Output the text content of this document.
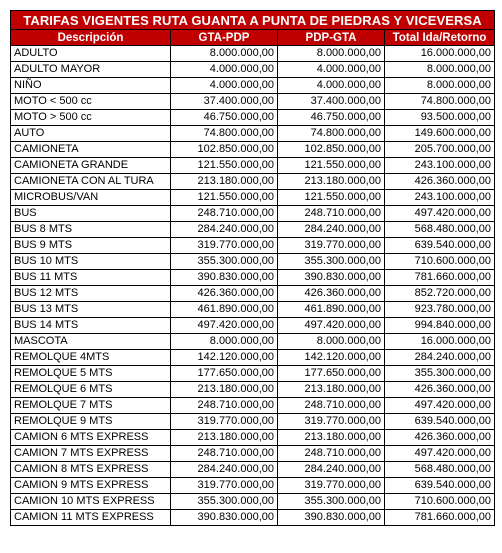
TARIFAS VIGENTES RUTA GUANTA A PUNTA DE PIEDRAS Y VICEVERSA			
Descripción	GTA-PDP	PDP-GTA	Total Ida/Retorno
ADULTO	8.000.000,00	8.000.000,00	16.000.000,00
ADULTO MAYOR	4.000.000,00	4.000.000,00	8.000.000,00
NIÑO	4.000.000,00	4.000.000,00	8.000.000,00
MOTO < 500 cc	37.400.000,00	37.400.000,00	74.800.000,00
MOTO > 500 cc	46.750.000,00	46.750.000,00	93.500.000,00
AUTO	74.800.000,00	74.800.000,00	149.600.000,00
CAMIONETA	102.850.000,00	102.850.000,00	205.700.000,00
CAMIONETA GRANDE	121.550.000,00	121.550.000,00	243.100.000,00
CAMIONETA CON AL TURA	213.180.000,00	213.180.000,00	426.360.000,00
MICROBUS/VAN	121.550.000,00	121.550.000,00	243.100.000,00
BUS	248.710.000,00	248.710.000,00	497.420.000,00
BUS 8 MTS	284.240.000,00	284.240.000,00	568.480.000,00
BUS 9 MTS	319.770.000,00	319.770.000,00	639.540.000,00
BUS 10 MTS	355.300.000,00	355.300.000,00	710.600.000,00
BUS 11 MTS	390.830.000,00	390.830.000,00	781.660.000,00
BUS 12 MTS	426.360.000,00	426.360.000,00	852.720.000,00
BUS 13 MTS	461.890.000,00	461.890.000,00	923.780.000,00
BUS 14 MTS	497.420.000,00	497.420.000,00	994.840.000,00
MASCOTA	8.000.000,00	8.000.000,00	16.000.000,00
REMOLQUE 4MTS	142.120.000,00	142.120.000,00	284.240.000,00
REMOLQUE 5 MTS	177.650.000,00	177.650.000,00	355.300.000,00
REMOLQUE 6 MTS	213.180.000,00	213.180.000,00	426.360.000,00
REMOLQUE 7 MTS	248.710.000,00	248.710.000,00	497.420.000,00
REMOLQUE 9 MTS	319.770.000,00	319.770.000,00	639.540.000,00
CAMION 6 MTS EXPRESS	213.180.000,00	213.180.000,00	426.360.000,00
CAMION 7 MTS EXPRESS	248.710.000,00	248.710.000,00	497.420.000,00
CAMION 8 MTS EXPRESS	284.240.000,00	284.240.000,00	568.480.000,00
CAMION 9 MTS EXPRESS	319.770.000,00	319.770.000,00	639.540.000,00
CAMION 10 MTS EXPRESS	355.300.000,00	355.300.000,00	710.600.000,00
CAMION 11 MTS EXPRESS	390.830.000,00	390.830.000,00	781.660.000,00
